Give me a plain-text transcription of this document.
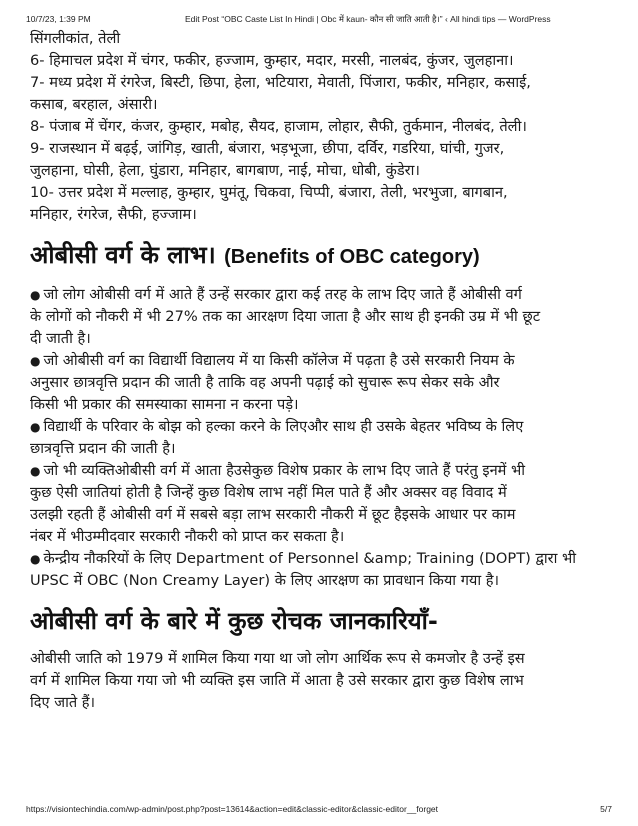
10/7/23, 1:39 PM	Edit Post “OBC Caste List In Hindi | Obc में kaun- कौन सी जाति आती है।” ‹ All hindi tips — WordPress

सिंगलीकांत, तेली

6- हिमाचल प्रदेश में चंगर, फकीर, हज्जाम, कुम्हार, मदार, मरसी, नालबंद, कुंजर, जुलहाना।

7- मध्य प्रदेश में रंगरेज, बिस्टी, छिपा, हेला, भटियारा, मेवाती, पिंजारा, फकीर, मनिहार, कसाई,

कसाब, बरहाल, अंसारी।

8- पंजाब में चेंगर, कंजर, कुम्हार, मबोह, सैयद, हाजाम, लोहार, सैफी, तुर्कमान, नीलबंद, तेली।

9- राजस्थान में बढ़ई, जांगिड़, खाती, बंजारा, भड़भूजा, छीपा, दर्विर, गडरिया, घांची, गुजर,

जुलहाना, घोसी, हेला, घुंडारा, मनिहार, बागबाण, नाई, मोचा, धोबी, कुंडेरा।

10- उत्तर प्रदेश में मल्लाह, कुम्हार, घुमंतू, चिकवा, चिप्पी, बंजारा, तेली, भरभुजा, बागबान,

मनिहार, रंगरेज, सैफी, हज्जाम।

ओबीसी वर्ग के लाभ। (Benefits of OBC category)

● जो लोग ओबीसी वर्ग में आते हैं उन्हें सरकार द्वारा कई तरह के लाभ दिए जाते हैं ओबीसी वर्ग

के लोगों को नौकरी में भी 27% तक का आरक्षण दिया जाता है और साथ ही इनकी उम्र में भी छूट

दी जाती है।

● जो ओबीसी वर्ग का विद्यार्थी विद्यालय में या किसी कॉलेज में पढ़ता है उसे सरकारी नियम के

अनुसार छात्रवृत्ति प्रदान की जाती है ताकि वह अपनी पढ़ाई को सुचारू रूप सेकर सके और

किसी भी प्रकार की समस्याका सामना न करना पड़े।

● विद्यार्थी के परिवार के बोझ को हल्का करने के लिएऔर साथ ही उसके बेहतर भविष्य के लिए

छात्रवृत्ति प्रदान की जाती है।

● जो भी व्यक्तिओबीसी वर्ग में आता हैउसेकुछ विशेष प्रकार के लाभ दिए जाते हैं परंतु इनमें भी

कुछ ऐसी जातियां होती है जिन्हें कुछ विशेष लाभ नहीं मिल पाते हैं और अक्सर वह विवाद में

उलझी रहती हैं ओबीसी वर्ग में सबसे बड़ा लाभ सरकारी नौकरी में छूट हैइसके आधार पर काम

नंबर में भीउम्मीदवार सरकारी नौकरी को प्राप्त कर सकता है।

● केन्द्रीय नौकरियों के लिए Department of Personnel &amp; Training (DOPT) द्वारा भी

UPSC में OBC (Non Creamy Layer) के लिए आरक्षण का प्रावधान किया गया है।

ओबीसी वर्ग के बारे में कुछ रोचक जानकारियाँ-

ओबीसी जाति को 1979 में शामिल किया गया था जो लोग आर्थिक रूप से कमजोर है उन्हें इस

वर्ग में शामिल किया गया जो भी व्यक्ति इस जाति में आता है उसे सरकार द्वारा कुछ विशेष लाभ

दिए जाते हैं।

https://visiontechindia.com/wp-admin/post.php?post=13614&action=edit&classic-editor&classic-editor__forget	5/7
